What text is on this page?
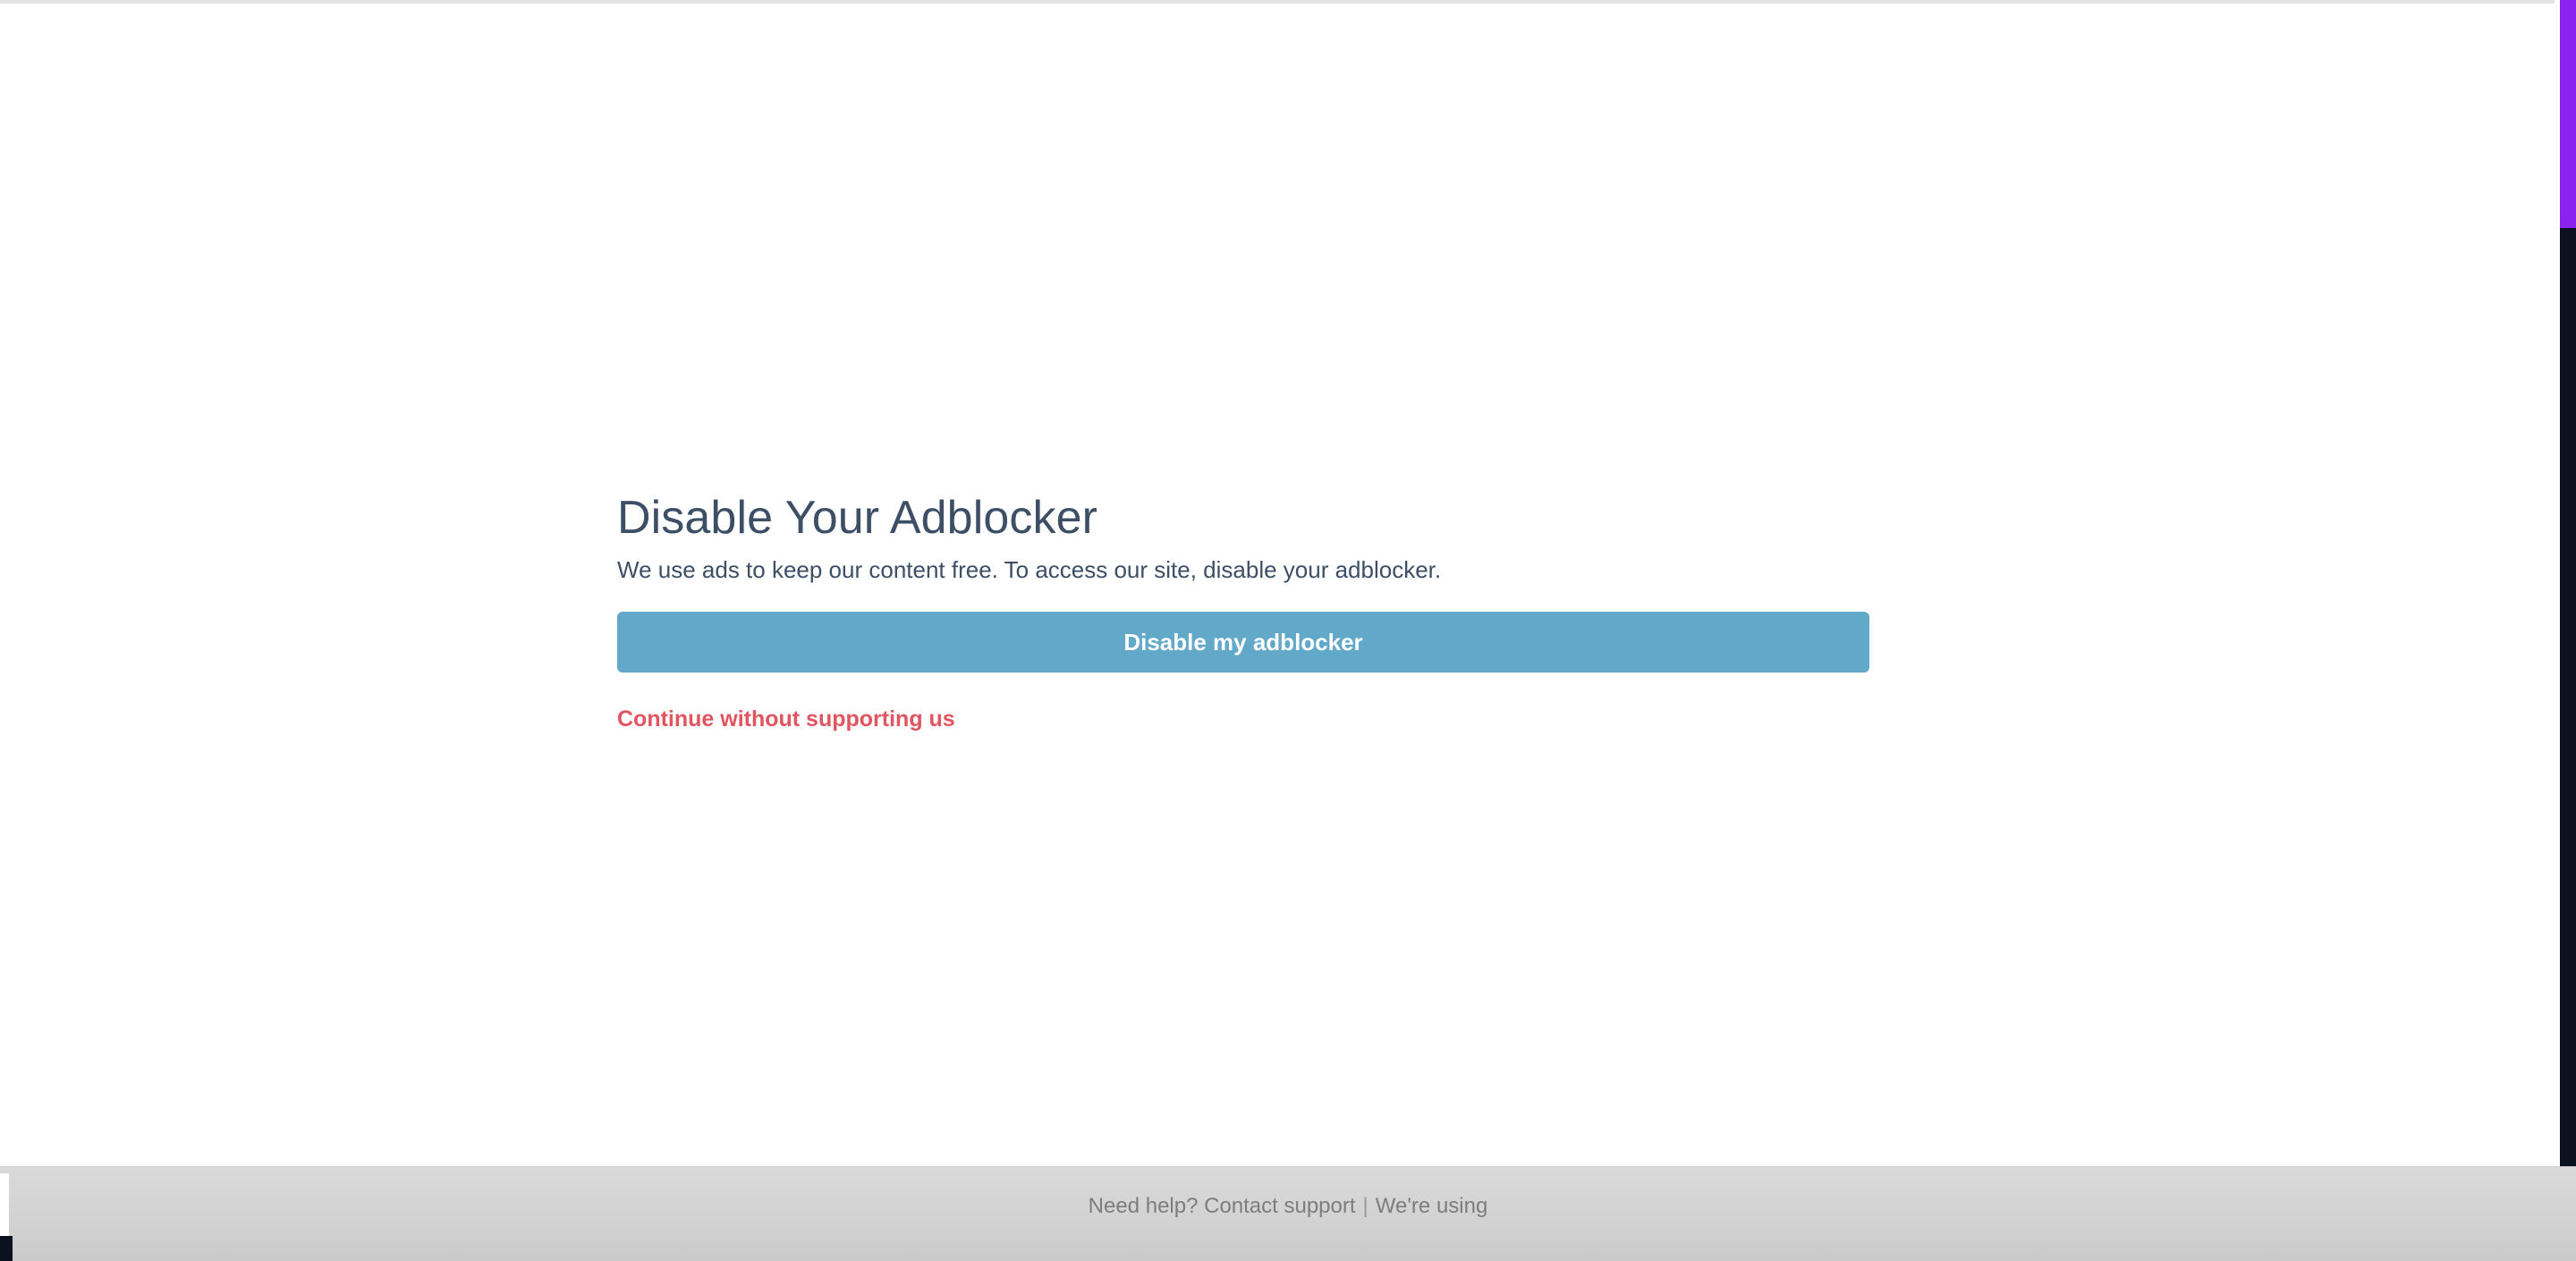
Disable Your Adblocker

We use ads to keep our content free. To access our site, disable your adblocker.

Disable my adblocker
Continue without supporting us
Need help? Contact support | We're using
